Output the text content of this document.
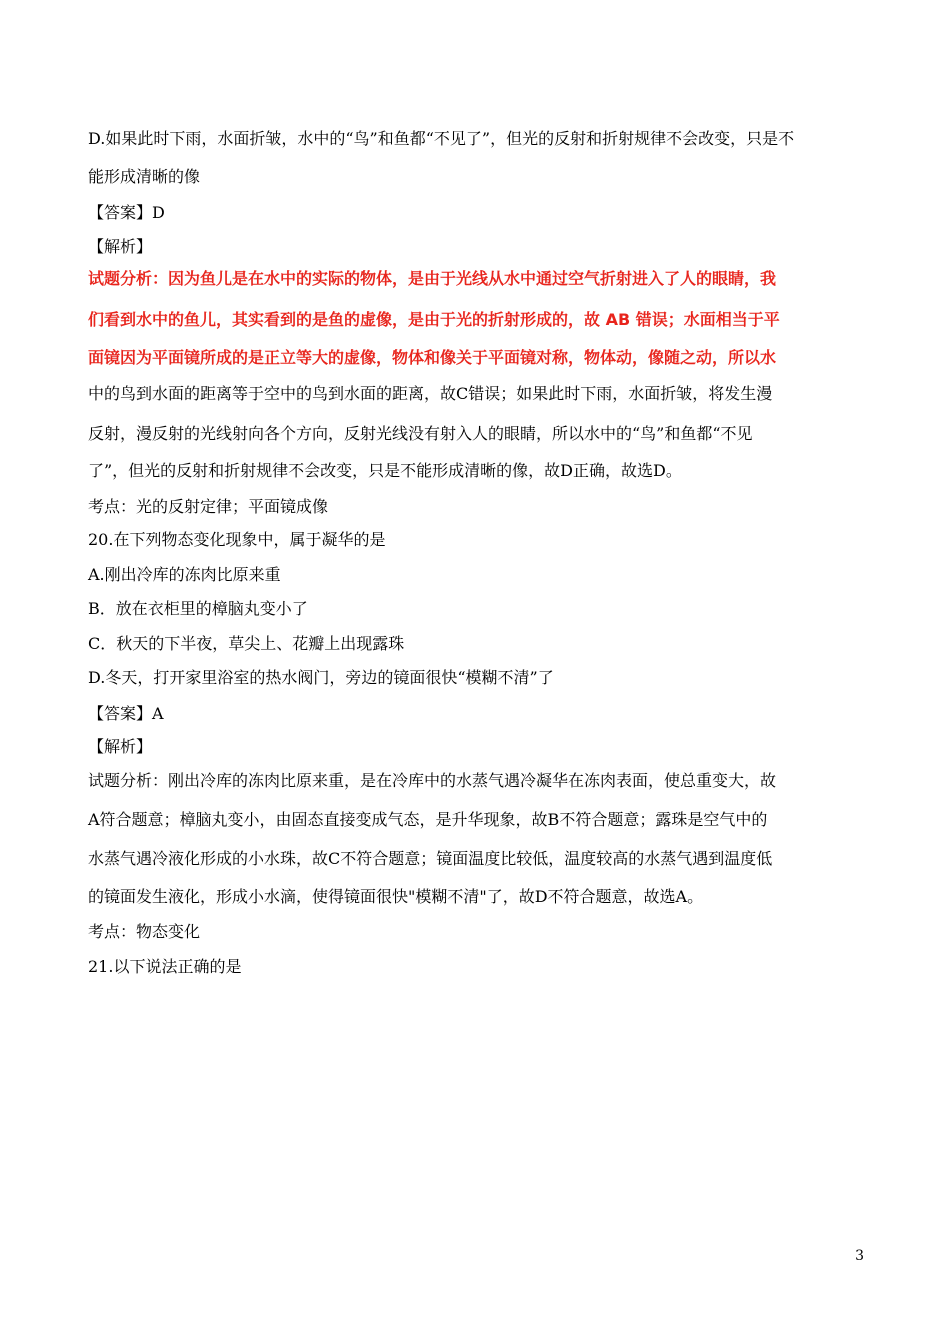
D.如果此时下雨，水面折皱，水中的“鸟”和鱼都“不见了”，但光的反射和折射规律不会改变，只是不
能形成清晰的像
【答案】D
【解析】
试题分析：因为鱼儿是在水中的实际的物体，是由于光线从水中通过空气折射进入了人的眼睛，我
们看到水中的鱼儿，其实看到的是鱼的虚像，是由于光的折射形成的，故 AB 错误；水面相当于平
面镜因为平面镜所成的是正立等大的虚像，物体和像关于平面镜对称，物体动，像随之动，所以水
中的鸟到水面的距离等于空中的鸟到水面的距离，故C错误；如果此时下雨，水面折皱，将发生漫
反射，漫反射的光线射向各个方向，反射光线没有射入人的眼睛，所以水中的“鸟”和鱼都“不见
了”，但光的反射和折射规律不会改变，只是不能形成清晰的像，故D正确，故选D。
考点：光的反射定律；平面镜成像
20.在下列物态变化现象中，属于凝华的是
A.刚出冷库的冻肉比原来重
B．放在衣柜里的樟脑丸变小了
C．秋天的下半夜，草尖上、花瓣上出现露珠
D.冬天，打开家里浴室的热水阀门，旁边的镜面很快“模糊不清”了
【答案】A
【解析】
试题分析：刚出冷库的冻肉比原来重，是在冷库中的水蒸气遇冷凝华在冻肉表面，使总重变大，故
A符合题意；樟脑丸变小，由固态直接变成气态，是升华现象，故B不符合题意；露珠是空气中的
水蒸气遇冷液化形成的小水珠，故C不符合题意；镜面温度比较低，温度较高的水蒸气遇到温度低
的镜面发生液化，形成小水滴，使得镜面很快"模糊不清"了，故D不符合题意，故选A。
考点：物态变化
21.以下说法正确的是
3
